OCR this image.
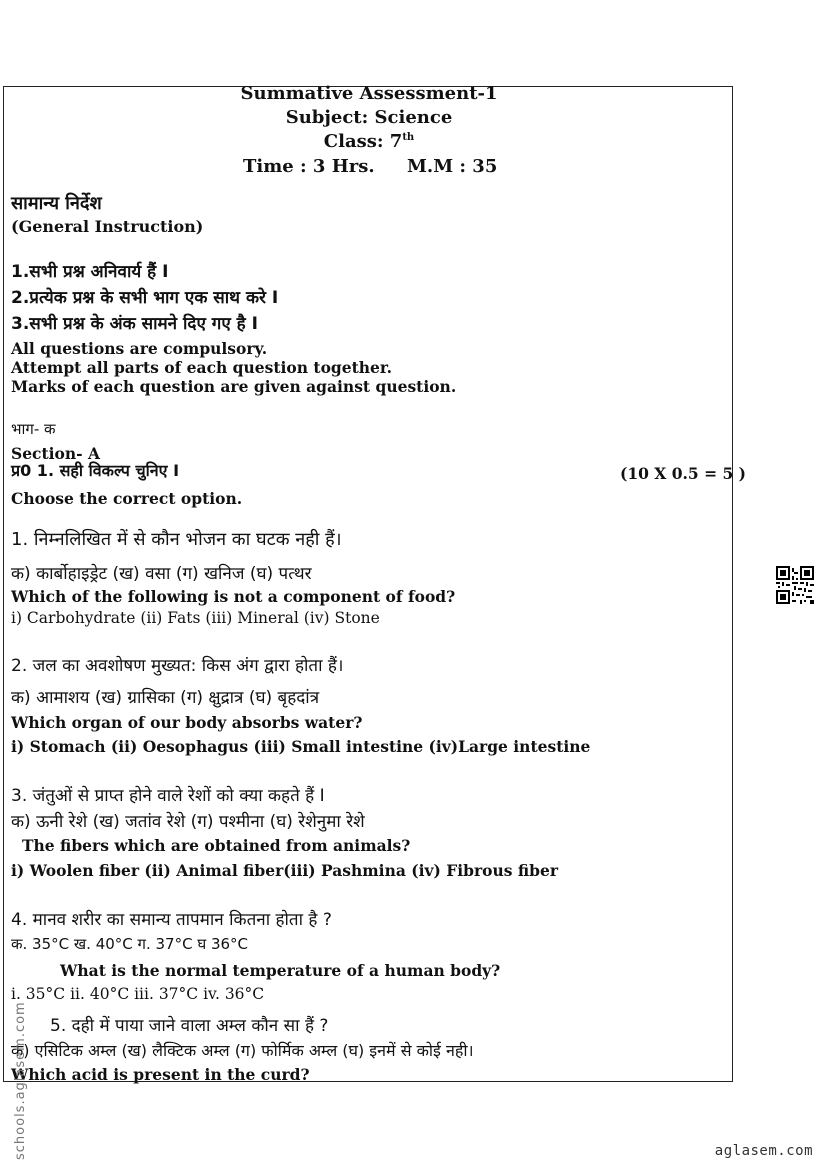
Summative Assessment-1
Subject: Science
Class: 7th
Time : 3 Hrs. M.M : 35
सामान्य निर्देश
(General Instruction)
1.सभी प्रश्न अनिवार्य हैं I
2.प्रत्येक प्रश्न के सभी भाग एक साथ करे I
3.सभी प्रश्न के अंक सामने दिए गए है I
All questions are compulsory.
Attempt all parts of each question together.
Marks of each question are given against question.
भाग- क
Section- A
प्र0 1. सही विकल्प चुनिए I	(10 X 0.5 = 5 )
Choose the correct option.
1. निम्नलिखित में से कौन भोजन का घटक नही हैं।
क) कार्बोहाइड्रेट (ख) वसा (ग) खनिज (घ) पत्थर
Which of the following is not a component of food?
i) Carbohydrate (ii) Fats (iii) Mineral (iv) Stone
2. जल का अवशोषण मुख्यत: किस अंग द्वारा होता हैं।
क) आमाशय (ख) ग्रासिका (ग) क्षुद्रात्र (घ) बृहदांत्र
Which organ of our body absorbs water?
i) Stomach (ii) Oesophagus (iii) Small intestine (iv)Large intestine
3. जंतुओं से प्राप्त होने वाले रेशों को क्या कहते हैं I
क) ऊनी रेशे (ख) जतांव रेशे (ग) पश्मीना (घ) रेशेनुमा रेशे
The fibers which are obtained from animals?
i) Woolen fiber (ii) Animal fiber(iii) Pashmina (iv) Fibrous fiber
4. मानव शरीर का समान्य तापमान कितना होता है ?
क. 35°C ख. 40°C ग. 37°C घ 36°C
What is the normal temperature of a human body?
i. 35°C ii. 40°C iii. 37°C iv. 36°C
5. दही में पाया जाने वाला अम्ल कौन सा हैं ?
क) एसिटिक अम्ल (ख) लैक्टिक अम्ल (ग) फोर्मिक अम्ल (घ) इनमें से कोई नही।
Which acid is present in the curd?
schools.aglasem.com	aglasem.com
